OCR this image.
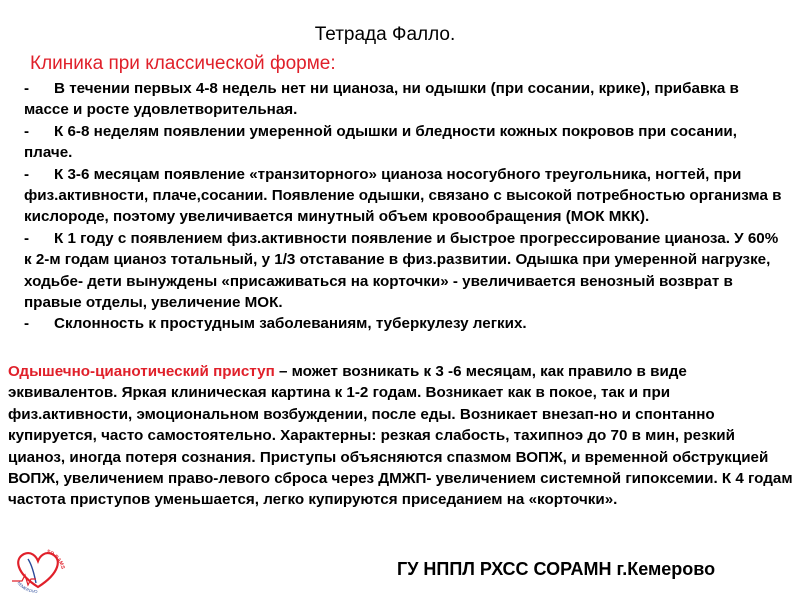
Тетрада Фалло.
Клиника при классической форме:
- В течении первых 4-8 недель нет ни цианоза, ни одышки (при сосании, крике), прибавка в массе и росте удовлетворительная.
- К 6-8 неделям появлении умеренной одышки и бледности кожных покровов при сосании, плаче.
- К 3-6 месяцам появление «транзиторного» цианоза носогубного треугольника, ногтей, при физ.активности, плаче,сосании. Появление одышки, связано с высокой потребностью организма в кислороде, поэтому увеличивается минутный объем кровообращения (МОК МКК).
- К 1 году с появлением физ.активности появление и быстрое прогрессирование цианоза. У 60% к 2-м годам цианоз тотальный, у 1/3 отставание в физ.развитии. Одышка при умеренной нагрузке, ходьбе- дети вынуждены «присаживаться на корточки» - увеличивается венозный возврат в правые отделы, увеличение МОК.
- Склонность к простудным заболеваниям, туберкулезу легких.
Одышечно-цианотический приступ – может возникать к 3 -6 месяцам, как правило в виде эквивалентов. Яркая клиническая картина к 1-2 годам. Возникает как в покое, так и при физ.активности, эмоциональном возбуждении, после еды. Возникает внезап-но и спонтанно купируется, часто самостоятельно. Характерны: резкая слабость, тахипноэ до 70 в мин, резкий цианоз, иногда потеря сознания. Приступы объясняются спазмом ВОПЖ, и временной обструкцией ВОПЖ, увеличением право-левого сброса через ДМЖП- увеличением системной гипоксемии. К 4 годам частота приступов уменьшается, легко купируются приседанием на «корточки».
SO RAMS
KEMEROVO
ГУ НППЛ РХСС СОРАМН г.Кемерово
